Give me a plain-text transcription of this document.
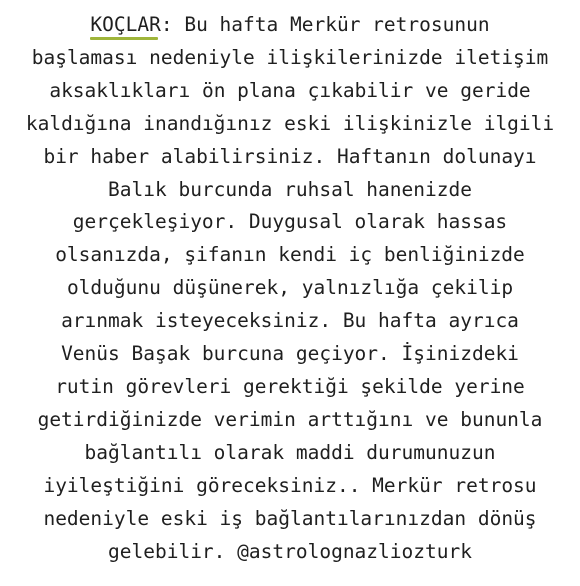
KOÇLAR
: Bu hafta Merkür retrosunun
başlaması nedeniyle ilişkilerinizde iletişim
aksaklıkları ön plana çıkabilir ve geride
kaldığına inandığınız eski ilişkinizle ilgili
bir haber alabilirsiniz. Haftanın dolunayı
Balık burcunda ruhsal hanenizde
gerçekleşiyor. Duygusal olarak hassas
olsanızda, şifanın kendi iç benliğinizde
olduğunu düşünerek, yalnızlığa çekilip
arınmak isteyeceksiniz. Bu hafta ayrıca
Venüs Başak burcuna geçiyor. İşinizdeki
rutin görevleri gerektiği şekilde yerine
getirdiğinizde verimin arttığını ve bununla
bağlantılı olarak maddi durumunuzun
iyileştiğini göreceksiniz.. Merkür retrosu
nedeniyle eski iş bağlantılarınızdan dönüş
gelebilir. @astrolognazliozturk
